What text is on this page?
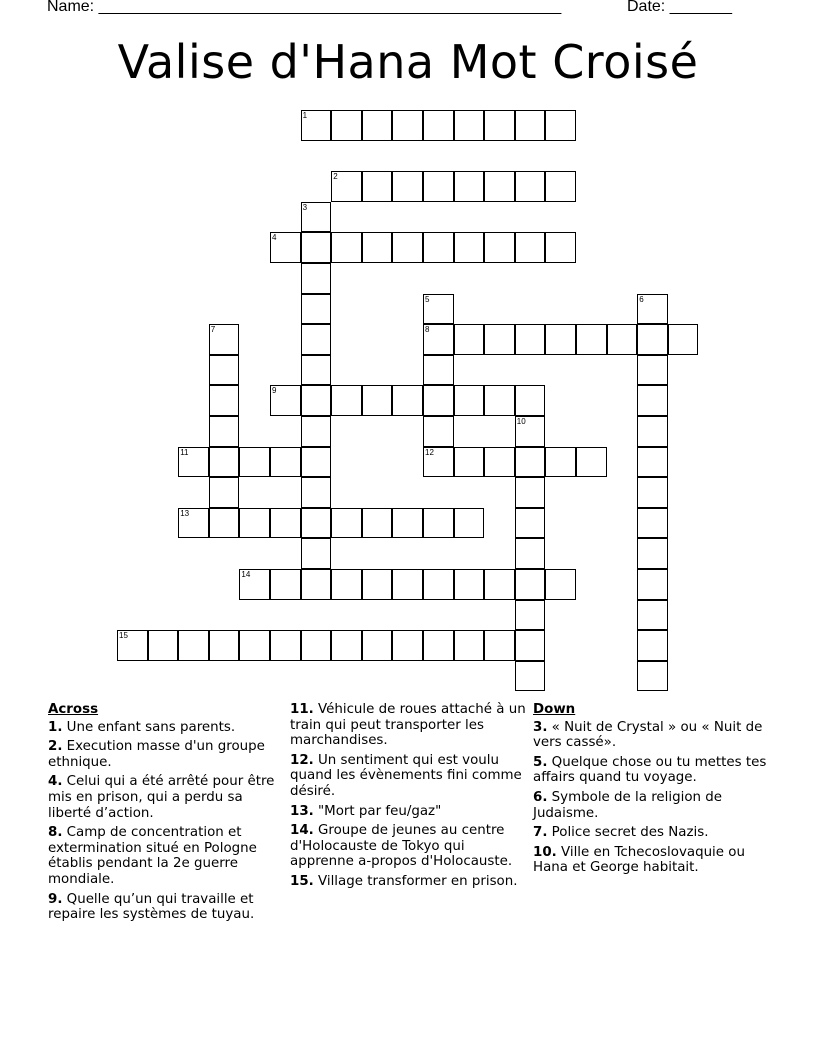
Name: ____________________________________________________	Date: _______
Valise d'Hana Mot Croisé
1
2
3
4
5
8
12
6
7
9
10
11
13
14
15
Across
1. Une enfant sans parents.
2. Execution masse d'un groupe ethnique.
4. Celui qui a été arrêté pour être mis en prison, qui a perdu sa liberté d’action.
8. Camp de concentration et extermination situé en Pologne établis pendant la 2e guerre mondiale.
9. Quelle qu’un qui travaille et repaire les systèmes de tuyau.
11. Véhicule de roues attaché à un train qui peut transporter les marchandises.
12. Un sentiment qui est voulu quand les évènements fini comme désiré.
13. "Mort par feu/gaz"
14. Groupe de jeunes au centre d'Holocauste de Tokyo qui apprenne a-propos d'Holocauste.
15. Village transformer en prison.
Down
3. « Nuit de Crystal » ou « Nuit de vers cassé».
5. Quelque chose ou tu mettes tes affairs quand tu voyage.
6. Symbole de la religion de Judaisme.
7. Police secret des Nazis.
10. Ville en Tchecoslovaquie ou Hana et George habitait.
